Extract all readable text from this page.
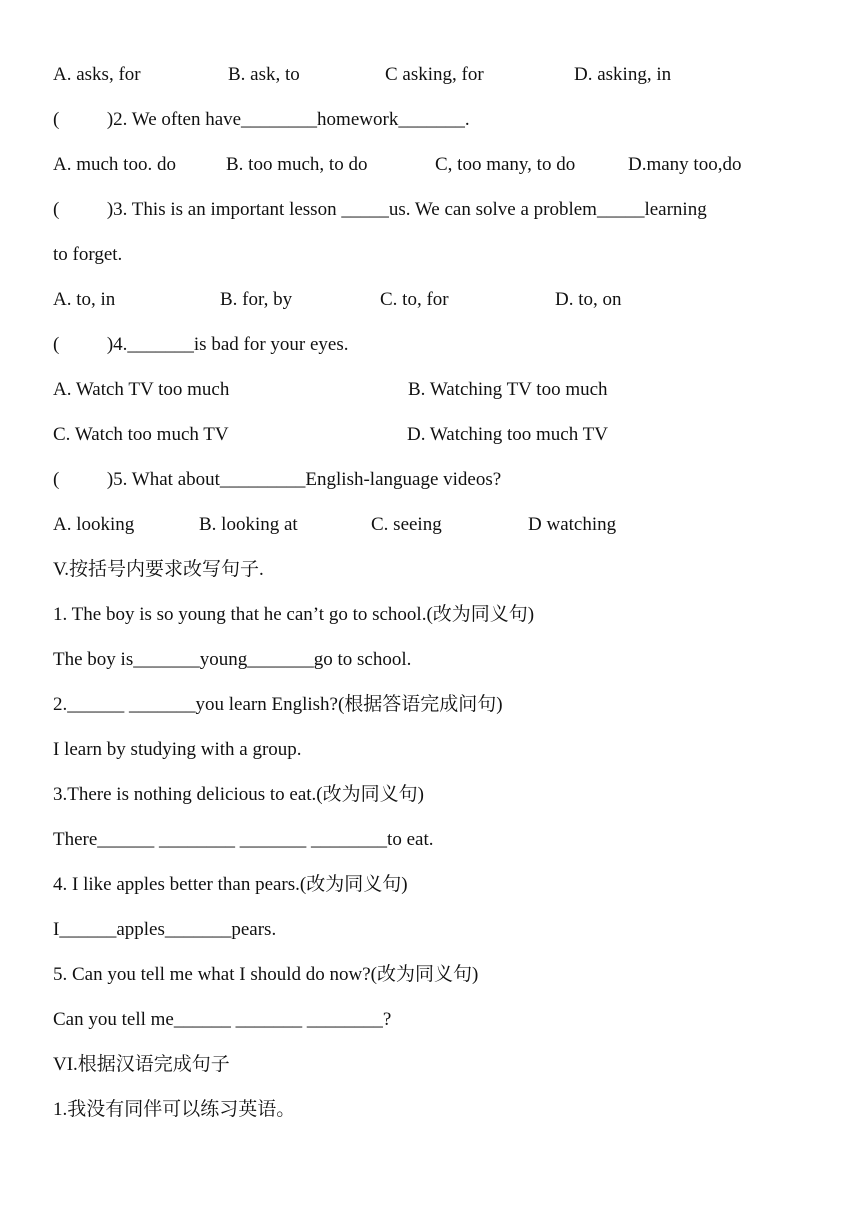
A. asks, for	B. ask, to	C asking, for	D. asking, in
(          )2. We often have________homework_______.
A. much too. do	B. too much, to do	C, too many, to do	D.many too,do
(          )3. This is an important lesson _____us. We can solve a problem_____learning
to forget.
A. to, in	B. for, by	C. to, for	D. to, on
(          )4._______is bad for your eyes.
A. Watch TV too much	B. Watching TV too much
C. Watch too much TV	D. Watching too much TV
(          )5. What about_________English-language videos?
A. looking	B. looking at	C. seeing	D watching
V.按括号内要求改写句子.
1. The boy is so young that he can’t go to school.(改为同义句)
The boy is_______young_______go to school.
2.______ _______you learn English?(根据答语完成问句)
I learn by studying with a group.
3.There is nothing delicious to eat.(改为同义句)
There______ ________ _______ ________to eat.
4. I like apples better than pears.(改为同义句)
I______apples_______pears.
5. Can you tell me what I should do now?(改为同义句)
Can you tell me______ _______ ________?
VI.根据汉语完成句子
1.我没有同伴可以练习英语。
